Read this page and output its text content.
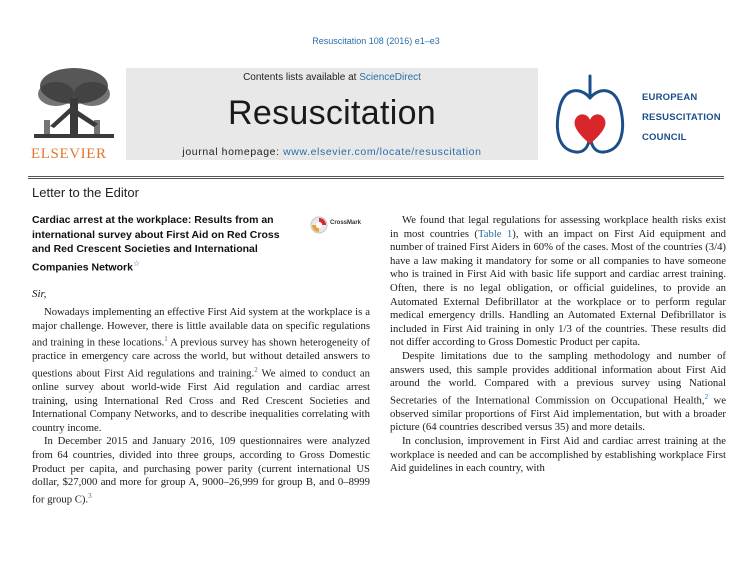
Resuscitation 108 (2016) e1–e3
ELSEVIER
Contents lists available at ScienceDirect
Resuscitation
journal homepage: www.elsevier.com/locate/resuscitation
EUROPEAN
RESUSCITATION
COUNCIL
Letter to the Editor
Cardiac arrest at the workplace: Results from an international survey about First Aid on Red Cross and Red Crescent Societies and International Companies Network☆
CrossMark
Sir,

Nowadays implementing an effective First Aid system at the workplace is a major challenge. However, there is little available data on specific regulations and training in these locations.$^1$ A previous survey has shown heterogeneity of practice in emergency care across the world, but without detailed answers to questions about First Aid regulations and training.$^2$ We aimed to conduct an online survey about world-wide First Aid regulation and cardiac arrest training, using International Red Cross and Red Crescent Societies and International Company Networks, and to describe inequalities correlating with country income.

In December 2015 and January 2016, 109 questionnaires were analyzed from 64 countries, divided into three groups, according to Gross Domestic Product per capita, and purchasing power parity (current international US dollar, $27,000 and more for group A, 9000–26,999 for group B, and 0–8999 for group C).$^3$

We found that legal regulations for assessing workplace health risks exist in most countries (Table 1), with an impact on First Aid equipment and number of trained First Aiders in 60% of the cases. Most of the countries (3/4) have a law making it mandatory for some or all companies to have someone who is trained in First Aid with basic life support and cardiac arrest training. Often, there is no legal obligation, or official guidelines, to provide an Automated External Defibrillator at the workplace or to perform regular medical emergency drills. Handling an Automated External Defibrillator is included in First Aid training in only 1/3 of the countries. These results did not differ according to Gross Domestic Product per capita.

Despite limitations due to the sampling methodology and number of answers used, this sample provides additional information about First Aid around the world. Compared with a previous survey using National Secretaries of the International Commission on Occupational Health,$^2$ we observed similar proportions of First Aid implementation, but with a broader picture (64 countries described versus 35) and more details.

In conclusion, improvement in First Aid and cardiac arrest training at the workplace is needed and can be accomplished by establishing workplace First Aid guidelines in each country, with
